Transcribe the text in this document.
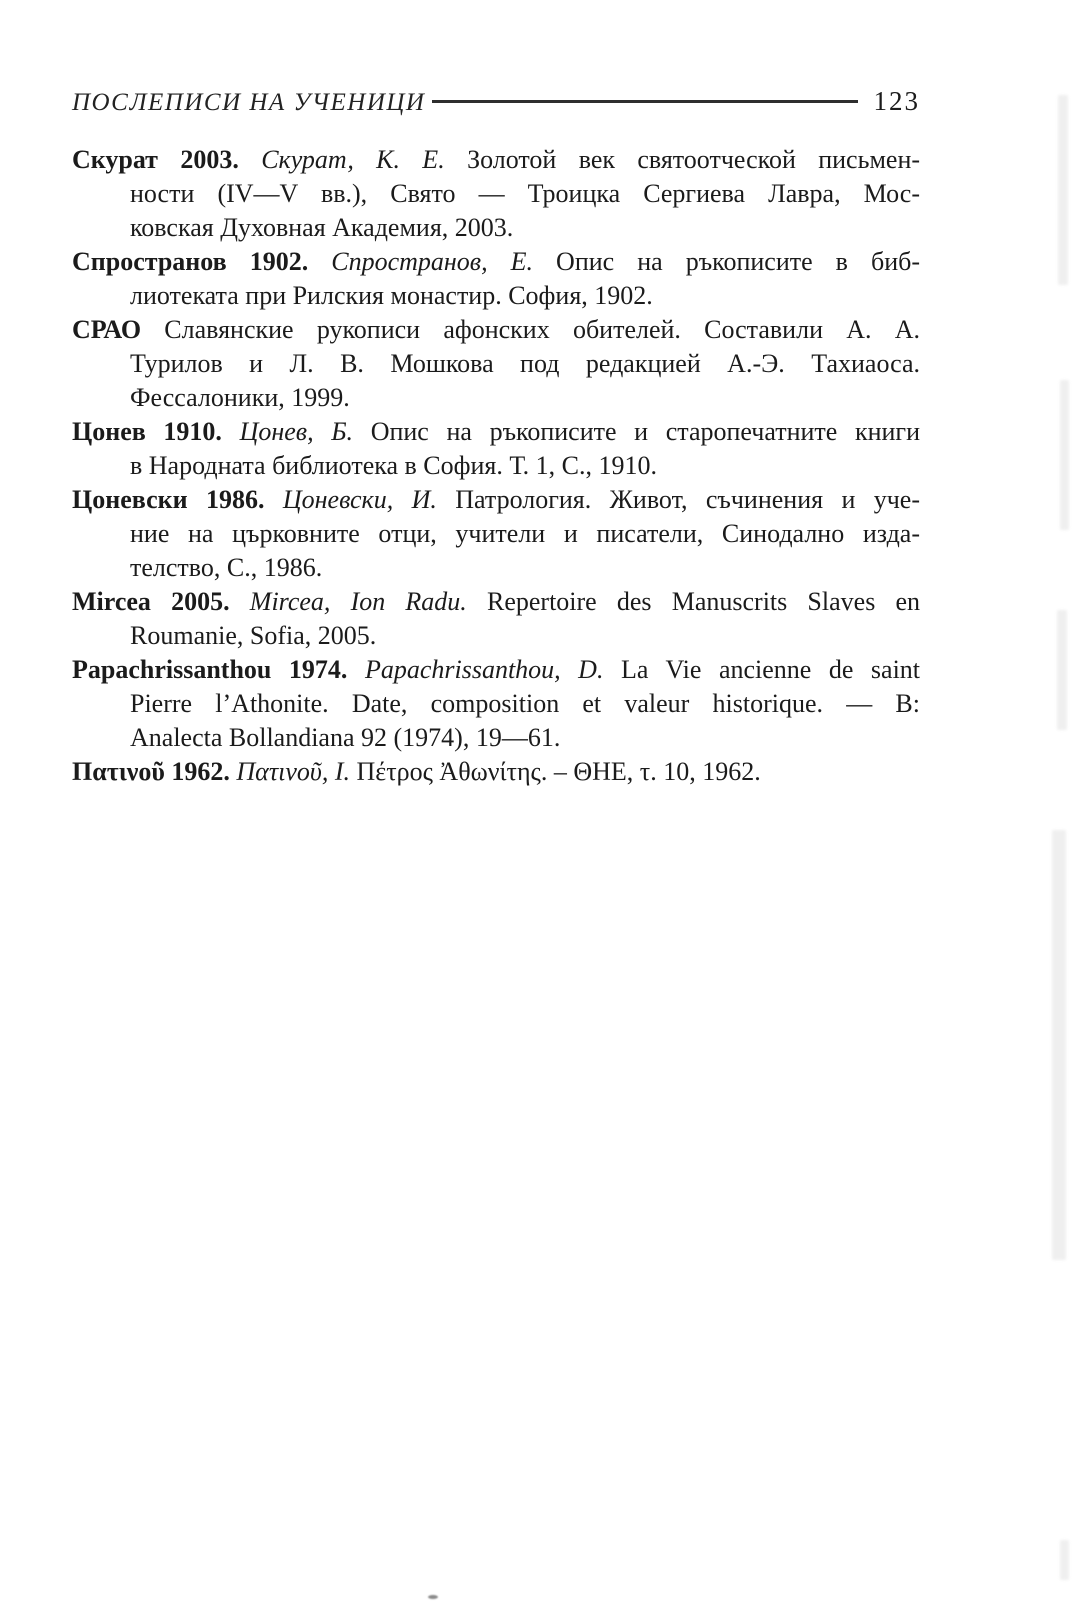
ПОСЛЕПИСИ НА УЧЕНИЦИ	123
Скурат 2003. Скурат, К. Е. Золотой век святоотческой письмен-
ности (IV—V вв.), Свято — Троицка Сергиева Лавра, Мос-
ковская Духовная Академия, 2003.
Спространов 1902. Спространов, Е. Опис на ръкописите в биб-
лиотеката при Рилския монастир. София, 1902.
СРАО Славянские рукописи афонских обителей. Составили А. А.
Турилов и Л. В. Мошкова под редакцией А.-Э. Тахиаоса.
Фессалоники, 1999.
Цонев 1910. Цонев, Б. Опис на ръкописите и старопечатните книги
в Народната библиотека в София. Т. 1, С., 1910.
Цоневски 1986. Цоневски, И. Патрология. Живот, съчинения и уче-
ние на църковните отци, учители и писатели, Синодално изда-
телство, С., 1986.
Mircea 2005. Mircea, Ion Radu. Repertoire des Manuscrits Slaves en
Roumanie, Sofia, 2005.
Papachrissanthou 1974. Papachrissanthou, D. La Vie ancienne de saint
Pierre l’Athonite. Date, composition et valeur historique. — В:
Analecta Bollandiana 92 (1974), 19—61.
Πατινοῦ 1962. Πατινοῦ, Ι. Πέτρος Ἀθωνίτης. – ΘΗΕ, τ. 10, 1962.
